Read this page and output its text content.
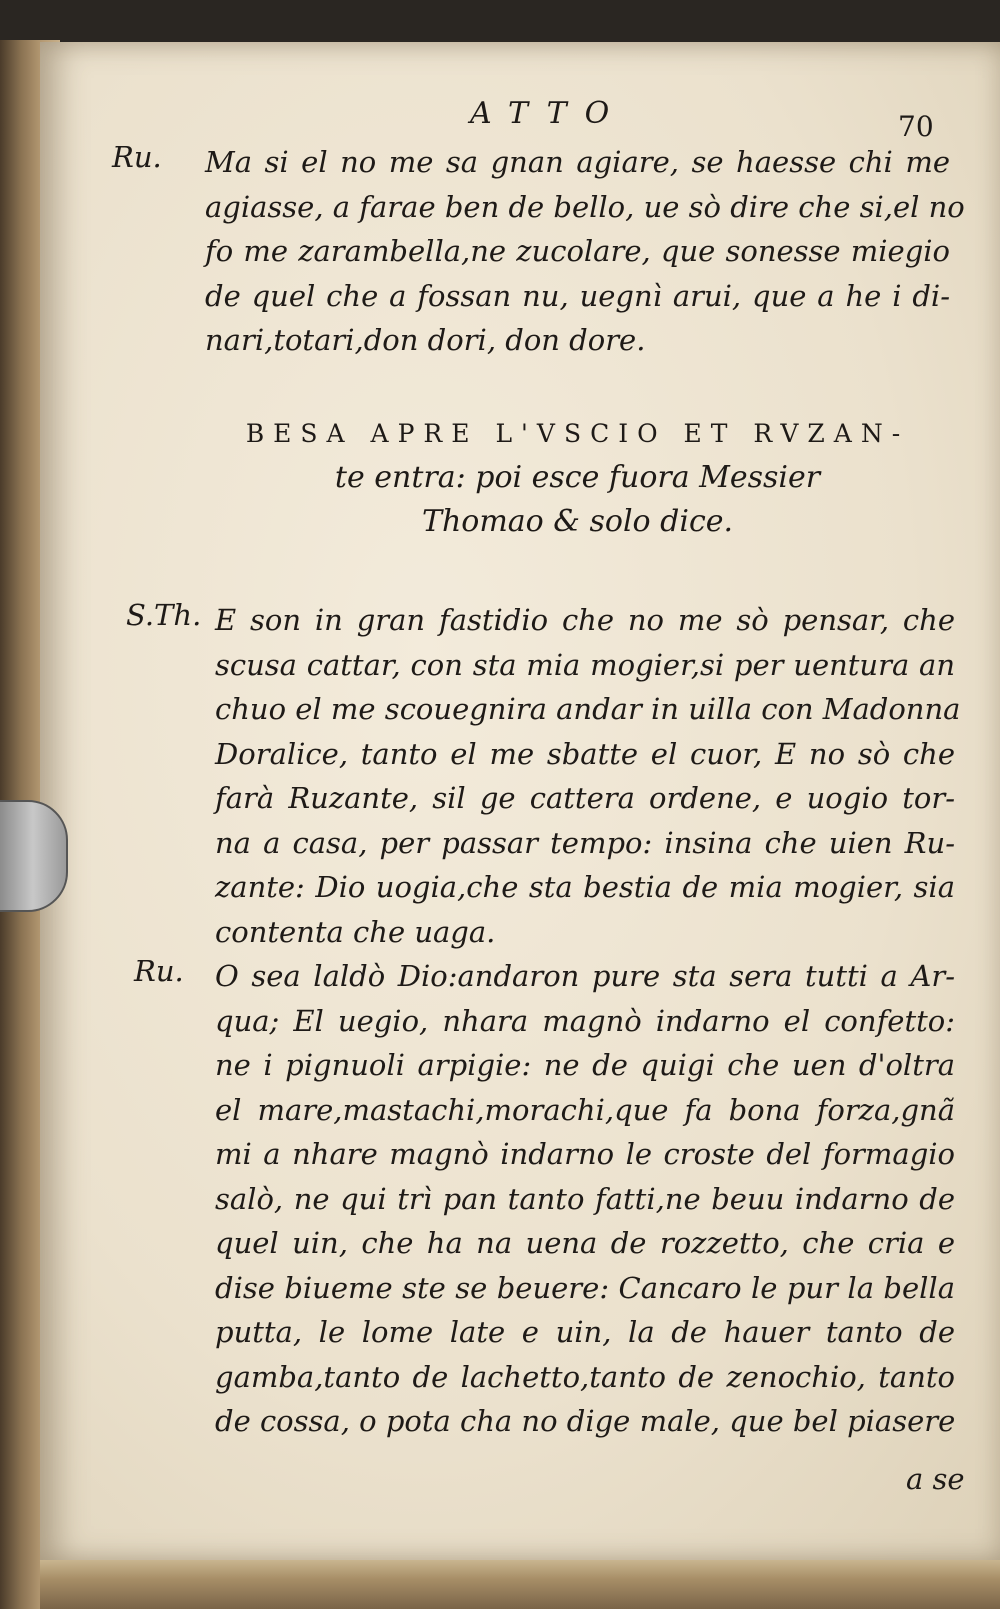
ATTO	70
Ru. Ma si el no me sa gnan agiare, se haesse chi me
agiasse, a farae ben de bello, ue sò dire che si,el no
fo me zarambella,ne zucolare, que sonesse miegio
de quel che a fossan nu, uegnì arui, que a he i di-
nari,totari,don dori, don dore.
BESA APRE L'VSCIO ET RVZAN-
te entra: poi esce fuora Messier
Thomao & solo dice.
S.Th. E son in gran fastidio che no me sò pensar, che
scusa cattar, con sta mia mogier,si per uentura an
chuo el me scouegnira andar in uilla con Madonna
Doralice, tanto el me sbatte el cuor, E no sò che
farà Ruzante, sil ge cattera ordene, e uogio tor-
na a casa, per passar tempo: insina che uien Ru-
zante: Dio uogia,che sta bestia de mia mogier, sia
contenta che uaga.
Ru. O sea laldò Dio:andaron pure sta sera tutti a Ar-
qua; El uegio, nhara magnò indarno el confetto:
ne i pignuoli arpigie: ne de quigi che uen d'oltra
el mare,mastachi,morachi,que fa bona forza,gnã
mi a nhare magnò indarno le croste del formagio
salò, ne qui trì pan tanto fatti,ne beuu indarno de
quel uin, che ha na uena de rozzetto, che cria e
dise biueme ste se beuere: Cancaro le pur la bella
putta, le lome late e uin, la de hauer tanto de
gamba,tanto de lachetto,tanto de zenochio, tanto
de cossa, o pota cha no dige male, que bel piasere
a se
